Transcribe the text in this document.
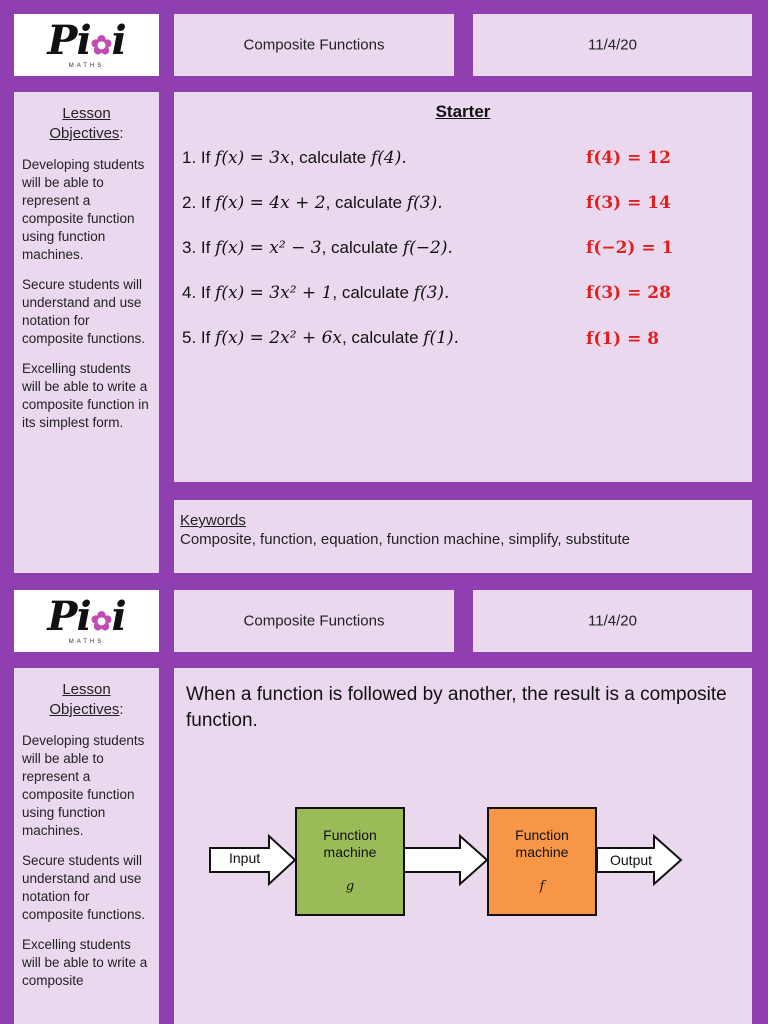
Pi✿i
MATHS
Composite Functions	11/4/20
Lesson
Objectives:
Developing students will be able to represent a composite function using function machines.
Secure students will understand and use notation for composite functions.
Excelling students will be able to write a composite function in its simplest form.
Starter
1. If f(x) = 3x, calculate f(4).	f(4) = 12
2. If f(x) = 4x + 2, calculate f(3).	f(3) = 14
3. If f(x) = x² − 3, calculate f(−2).	f(−2) = 1
4. If f(x) = 3x² + 1, calculate f(3).	f(3) = 28
5. If f(x) = 2x² + 6x, calculate f(1).	f(1) = 8
Keywords
Composite, function, equation, function machine, simplify, substitute
Pi✿i
MATHS
Composite Functions	11/4/20
Lesson
Objectives:
Developing students will be able to represent a composite function using function machines.
Secure students will understand and use notation for composite functions.
Excelling students will be able to write a composite
When a function is followed by another, the result is a composite function.
Input	Output
Function machine
g
Function machine
f
